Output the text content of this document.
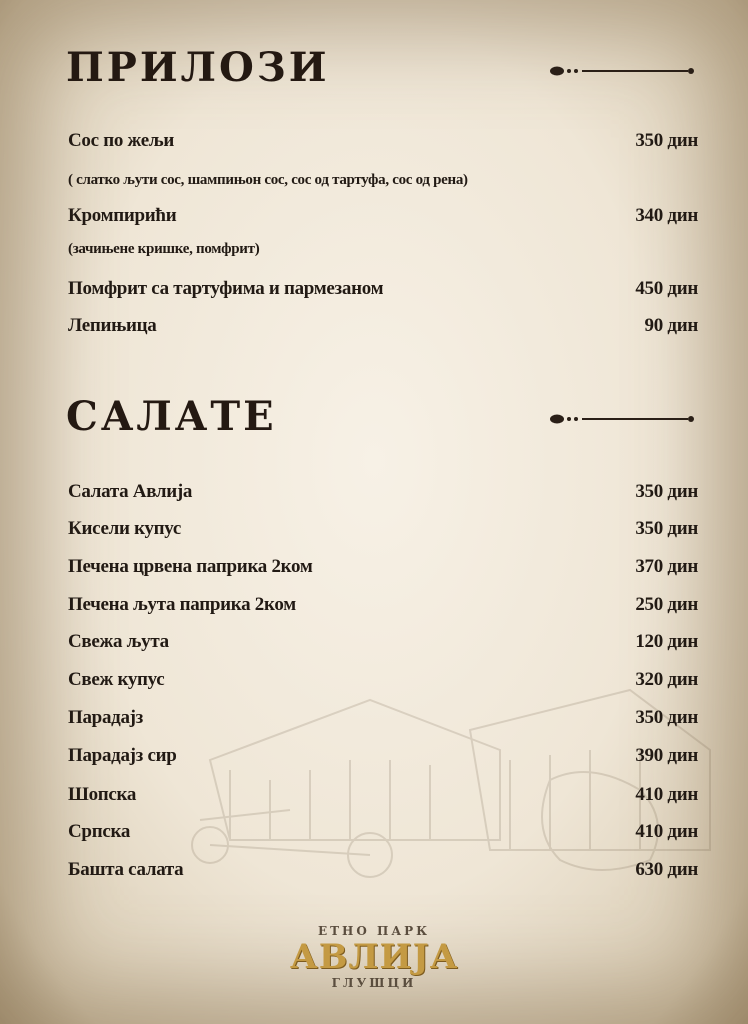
ПРИЛОЗИ
Сос по жељи	350 дин
( слатко љути сос, шампињон сос, сос од тартуфа, сос од рена)
Кромпирићи	340 дин
(зачињене кришке, помфрит)
Помфрит са тартуфима и пармезаном	450 дин
Лепињица	90 дин
САЛАТЕ
Салата Авлија	350 дин
Кисели купус	350 дин
Печена црвена паприка 2ком	370 дин
Печена љута паприка 2ком	250 дин
Свежа љута	120 дин
Свеж купус	320 дин
Парадајз	350 дин
Парадајз сир	390 дин
Шопска	410 дин
Српска	410 дин
Башта салата	630 дин
ЕТНО ПАРК
АВЛИЈА
ГЛУШЦИ
